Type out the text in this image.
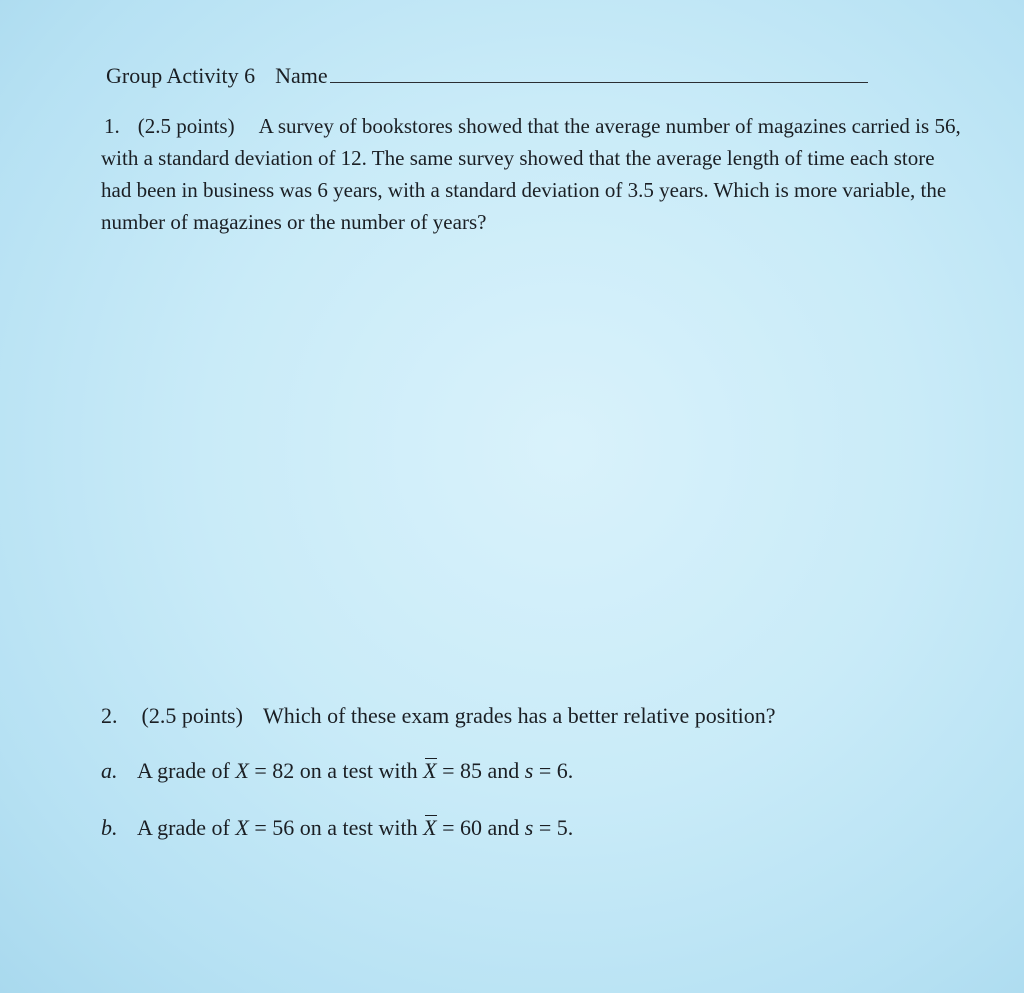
Group Activity 6 Name
1. (2.5 points) A survey of bookstores showed that the average number of magazines carried is 56, with a standard deviation of 12. The same survey showed that the average length of time each store had been in business was 6 years, with a standard deviation of 3.5 years. Which is more variable, the number of magazines or the number of years?
2. (2.5 points) Which of these exam grades has a better relative position?
a. A grade of
X = 82 on a test with X = 85 and s = 6.
b. A grade of
X = 56 on a test with X = 60 and s = 5.
